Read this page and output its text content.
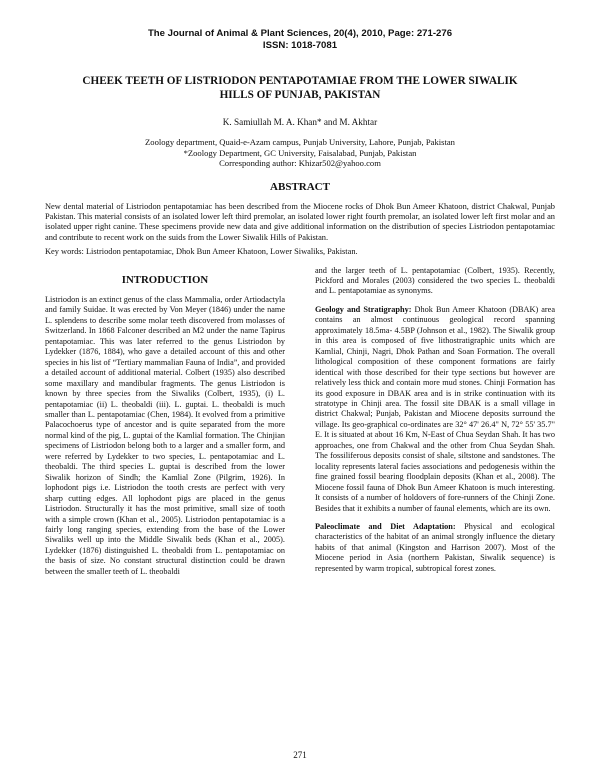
The Journal of Animal & Plant Sciences, 20(4), 2010, Page: 271-276
ISSN: 1018-7081
CHEEK TEETH OF LISTRIODON PENTAPOTAMIAE FROM THE LOWER SIWALIK
HILLS OF PUNJAB, PAKISTAN
K. Samiullah M. A. Khan* and M. Akhtar
Zoology department, Quaid-e-Azam campus, Punjab University, Lahore, Punjab, Pakistan
*Zoology Department, GC University, Faisalabad, Punjab, Pakistan
Corresponding author: Khizar502@yahoo.com
ABSTRACT
New dental material of Listriodon pentapotamiac has been described from the Miocene rocks of Dhok Bun Ameer Khatoon, district Chakwal, Punjab Pakistan. This material consists of an isolated lower left third premolar, an isolated lower right fourth premolar, an isolated lower left first molar and an isolated upper right canine. These specimens provide new data and give additional information on the distribution of species Listriodon pentapotamiac and contribute to recent work on the suids from the Lower Siwalik Hills of Pakistan.
Key words: Listriodon pentapotamiac, Dhok Bun Ameer Khatoon, Lower Siwaliks, Pakistan.
INTRODUCTION

Listriodon is an extinct genus of the class Mammalia, order Artiodactyla and family Suidae. It was erected by Von Meyer (1846) under the name L. splendens to describe some molar teeth discovered from molasses of Switzerland. In 1868 Falconer described an M2 under the name Tapirus pentapotamiac. This was later referred to the genus Listriodon by Lydekker (1876, 1884), who gave a detailed account of this and other species in his list of “Tertiary mammalian Fauna of India”, and provided a detailed account of additional material. Colbert (1935) also described some maxillary and mandibular fragments. The genus Listriodon is known by three species from the Siwaliks (Colbert, 1935), (i) L. pentapotamiac (ii) L. theobaldi (iii). L. guptai. L. theobaldi is much smaller than L. pentapotamiac (Chen, 1984). It evolved from a primitive Palacochoerus type of ancestor and is quite separated from the more normal kind of the pig, L. guptai of the Kamlial formation. The Chinjian specimens of Listriodon belong both to a larger and a smaller form, and were referred by Lydekker to two species, L. pentapotamiac and L. theobaldi. The third species L. guptai is described from the lower Siwalik horizon of Sindh; the Kamlial Zone (Pilgrim, 1926). In lophodont pigs i.e. Listriodon the tooth crests are perfect with very sharp cutting edges. All lophodont pigs are placed in the genus Listriodon. Structurally it has the most primitive, small size of tooth with a simple crown (Khan et al., 2005). Listriodon pentapotamiac is a fairly long ranging species, extending from the base of the Lower Siwaliks well up into the Middle Siwalik beds (Khan et al., 2005). Lydekker (1876) distinguished L. theobaldi from L. pentapotamiac on the basis of size. No constant structural distinction could be drawn between the smaller teeth of L. theobaldi

and the larger teeth of L. pentapotamiac (Colbert, 1935). Recently, Pickford and Morales (2003) considered the two species L. theobaldi and L. pentapotamiae as synonyms.

Geology and Stratigraphy: Dhok Bun Ameer Khatoon (DBAK) area contains an almost continuous geological record spanning approximately 18.5ma- 4.5BP (Johnson et al., 1982). The Siwalik group in this area is composed of five lithostratigraphic units which are Kamlial, Chinji, Nagri, Dhok Pathan and Soan Formation. The overall lithological composition of these component formations are fairly identical with those described for their type sections but however are relatively less thick and contain more mud stones. Chinji Formation has its good exposure in DBAK area and is in strike continuation with its stratotype in Chinji area. The fossil site DBAK is a small village in district Chakwal; Punjab, Pakistan and Miocene deposits surround the village. Its geo-graphical co-ordinates are 32° 47' 26.4" N, 72° 55' 35.7" E. It is situated at about 16 Km, N-East of Chua Seydan Shah. It has two approaches, one from Chakwal and the other from Chua Seydan Shah. The fossiliferous deposits consist of shale, siltstone and sandstones. The locality represents lateral facies associations and pedogenesis within the fine grained fossil bearing floodplain deposits (Khan et al., 2008). The Miocene fossil fauna of Dhok Bun Ameer Khatoon is much interesting. It consists of a number of holdovers of fore-runners of the Chinji Zone. Besides that it exhibits a number of faunal elements, which are its own.

Paleoclimate and Diet Adaptation: Physical and ecological characteristics of the habitat of an animal strongly influence the dietary habits of that animal (Kingston and Harrison 2007). Most of the Miocene period in Asia (northern Pakistan, Siwalik sequence) is represented by warm tropical, subtropical forest zones.

271
